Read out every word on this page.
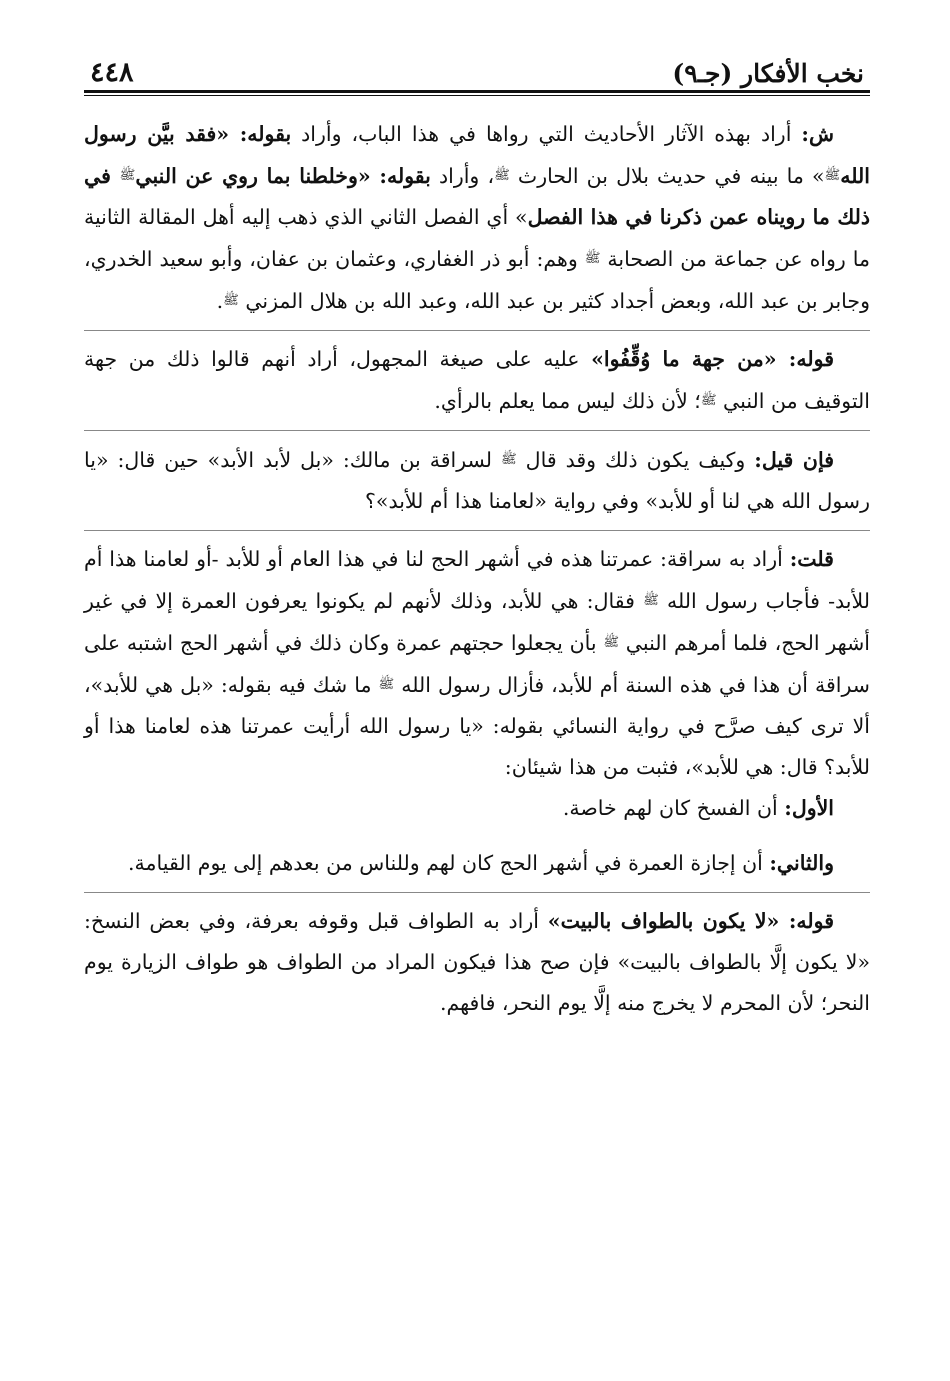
نخب الأفكار (جـ٩)
٤٤٨

ش: أراد بهذه الآثار الأحاديث التي رواها في هذا الباب، وأراد بقوله: «فقد بيَّن رسول اللهﷺ» ما بينه في حديث بلال بن الحارث ﷺ، وأراد بقوله: «وخلطنا بما روي عن النبيﷺ في ذلك ما رويناه عمن ذكرنا في هذا الفصل» أي الفصل الثاني الذي ذهب إليه أهل المقالة الثانية ما رواه عن جماعة من الصحابة ﷺ وهم: أبو ذر الغفاري، وعثمان بن عفان، وأبو سعيد الخدري، وجابر بن عبد الله، وبعض أجداد كثير بن عبد الله، وعبد الله بن هلال المزني ﷺ.

قوله: «من جهة ما وُقِّفُوا» عليه على صيغة المجهول، أراد أنهم قالوا ذلك من جهة التوقيف من النبي ﷺ؛ لأن ذلك ليس مما يعلم بالرأي.

فإن قيل: وكيف يكون ذلك وقد قال ﷺ لسراقة بن مالك: «بل لأبد الأبد» حين قال: «يا رسول الله هي لنا أو للأبد» وفي رواية «لعامنا هذا أم للأبد»؟

قلت: أراد به سراقة: عمرتنا هذه في أشهر الحج لنا في هذا العام أو للأبد -أو لعامنا هذا أم للأبد- فأجاب رسول الله ﷺ فقال: هي للأبد، وذلك لأنهم لم يكونوا يعرفون العمرة إلا في غير أشهر الحج، فلما أمرهم النبي ﷺ بأن يجعلوا حجتهم عمرة وكان ذلك في أشهر الحج اشتبه على سراقة أن هذا في هذه السنة أم للأبد، فأزال رسول الله ﷺ ما شك فيه بقوله: «بل هي للأبد»، ألا ترى كيف صرَّح في رواية النسائي بقوله: «يا رسول الله أرأيت عمرتنا هذه لعامنا هذا أو للأبد؟ قال: هي للأبد»، فثبت من هذا شيئان:

الأول: أن الفسخ كان لهم خاصة.

والثاني: أن إجازة العمرة في أشهر الحج كان لهم وللناس من بعدهم إلى يوم القيامة.

قوله: «لا يكون بالطواف بالبيت» أراد به الطواف قبل وقوفه بعرفة، وفي بعض النسخ: «لا يكون إلَّا بالطواف بالبيت» فإن صح هذا فيكون المراد من الطواف هو طواف الزيارة يوم النحر؛ لأن المحرم لا يخرج منه إلَّا يوم النحر، فافهم.
